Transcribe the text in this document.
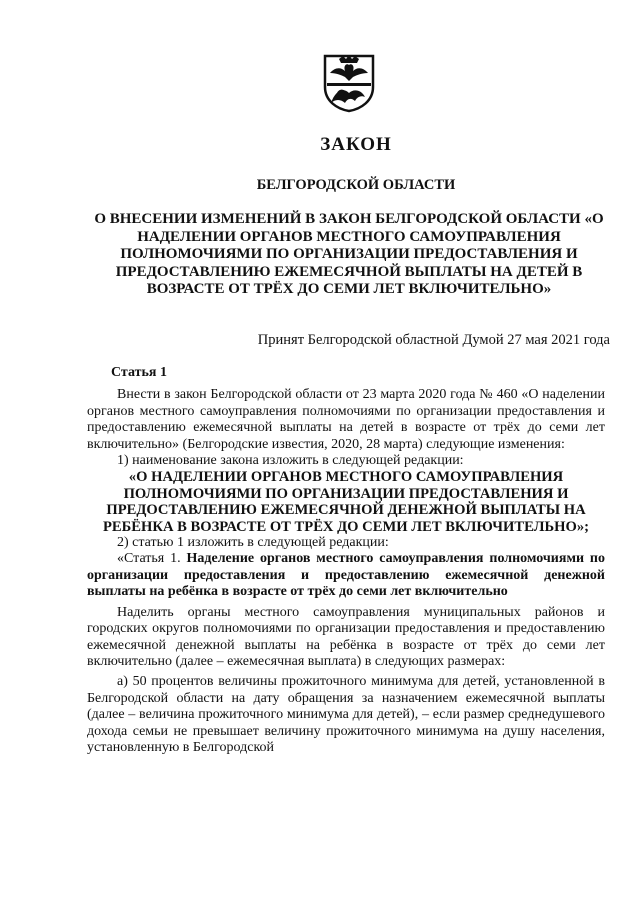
ЗАКОН
БЕЛГОРОДСКОЙ ОБЛАСТИ
О ВНЕСЕНИИ ИЗМЕНЕНИЙ В ЗАКОН БЕЛГОРОДСКОЙ ОБЛАСТИ «О НАДЕЛЕНИИ ОРГАНОВ МЕСТНОГО САМОУПРАВЛЕНИЯ ПОЛНОМОЧИЯМИ ПО ОРГАНИЗАЦИИ ПРЕДОСТАВЛЕНИЯ И ПРЕДОСТАВЛЕНИЮ ЕЖЕМЕСЯЧНОЙ ВЫПЛАТЫ НА ДЕТЕЙ В ВОЗРАСТЕ ОТ ТРЁХ ДО СЕМИ ЛЕТ ВКЛЮЧИТЕЛЬНО»
Принят Белгородской областной Думой 27 мая 2021 года

Статья 1

Внести в закон Белгородской области от 23 марта 2020 года № 460 «О наделении органов местного самоуправления полномочиями по организации предоставления и предоставлению ежемесячной выплаты на детей в возрасте от трёх до семи лет включительно» (Белгородские известия, 2020, 28 марта) следующие изменения:

1) наименование закона изложить в следующей редакции:

«О НАДЕЛЕНИИ ОРГАНОВ МЕСТНОГО САМОУПРАВЛЕНИЯ ПОЛНОМОЧИЯМИ ПО ОРГАНИЗАЦИИ ПРЕДОСТАВЛЕНИЯ И ПРЕДОСТАВЛЕНИЮ ЕЖЕМЕСЯЧНОЙ ДЕНЕЖНОЙ ВЫПЛАТЫ НА РЕБЁНКА В ВОЗРАСТЕ ОТ ТРЁХ ДО СЕМИ ЛЕТ ВКЛЮЧИТЕЛЬНО»;

2) статью 1 изложить в следующей редакции:

«Статья 1. Наделение органов местного самоуправления полномочиями по организации предоставления и предоставлению ежемесячной денежной выплаты на ребёнка в возрасте от трёх до семи лет включительно

Наделить органы местного самоуправления муниципальных районов и городских округов полномочиями по организации предоставления и предоставлению ежемесячной денежной выплаты на ребёнка в возрасте от трёх до семи лет включительно (далее – ежемесячная выплата) в следующих размерах:

а) 50 процентов величины прожиточного минимума для детей, установленной в Белгородской области на дату обращения за назначением ежемесячной выплаты (далее – величина прожиточного минимума для детей), – если размер среднедушевого дохода семьи не превышает величину прожиточного минимума на душу населения, установленную в Белгородской
